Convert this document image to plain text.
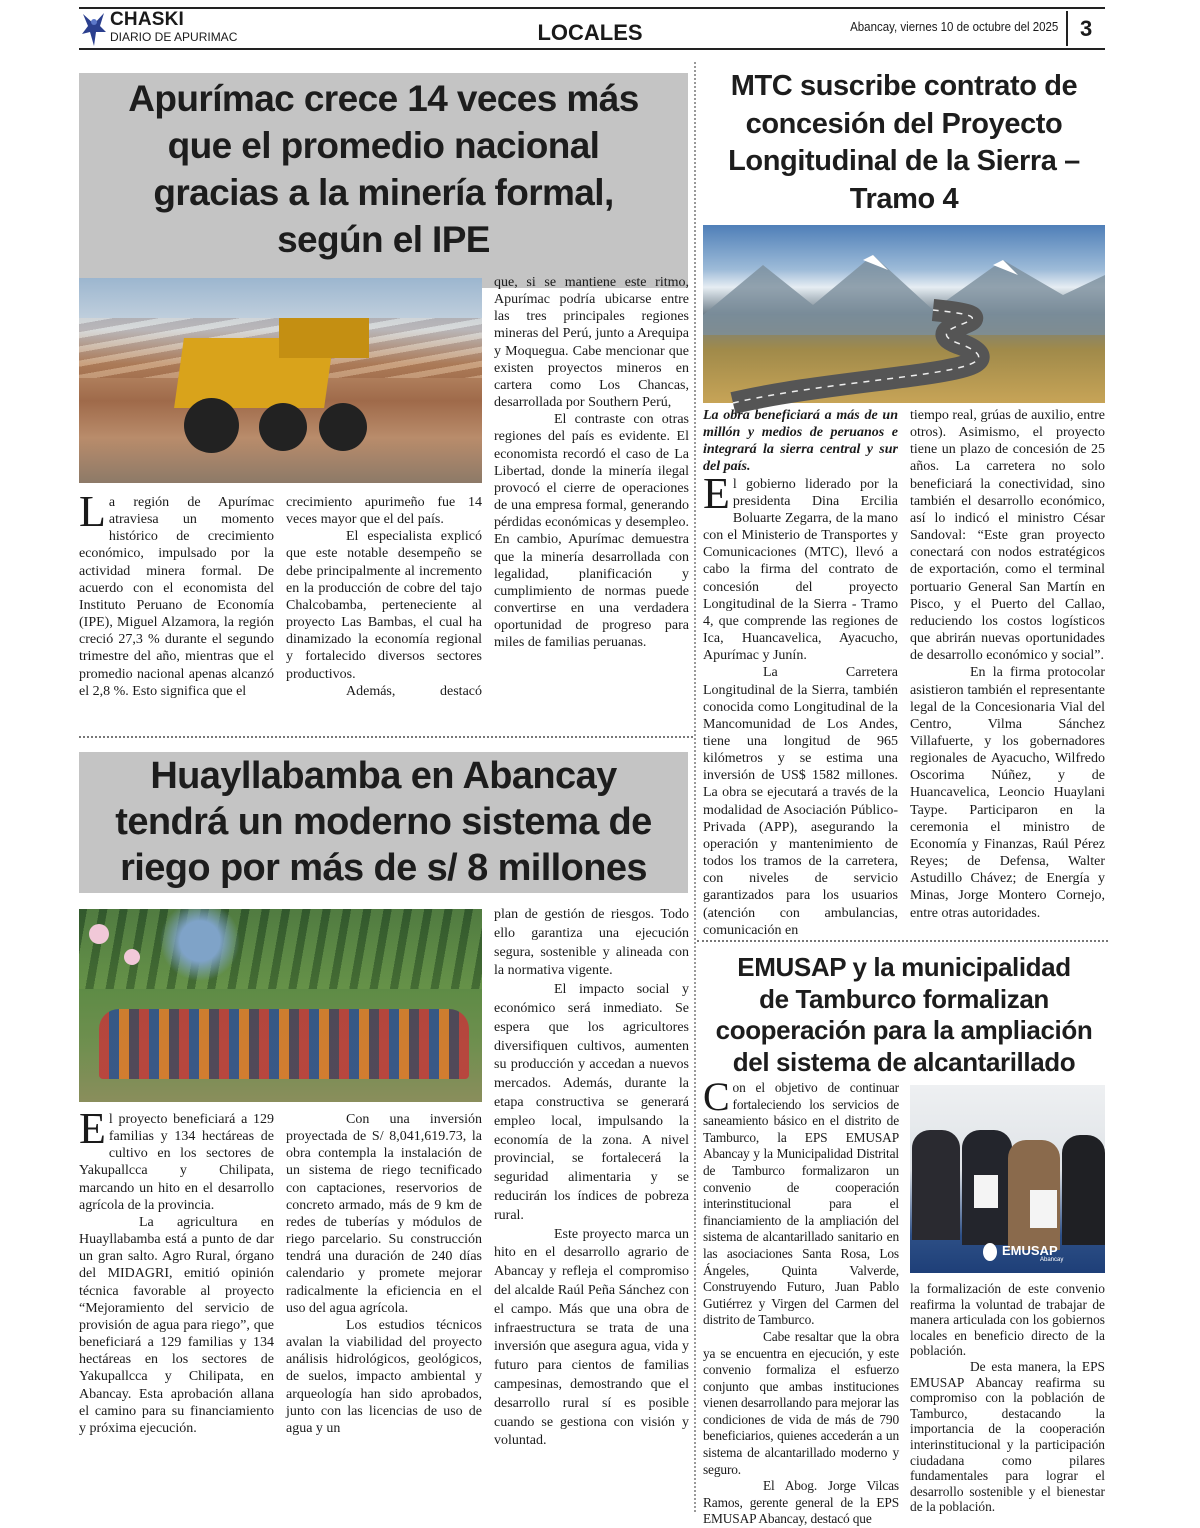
CHASKI
DIARIO DE APURIMAC	LOCALES	Abancay, viernes 10 de octubre del 2025 3
Apurímac crece 14 veces más
que el promedio nacional
gracias a la minería formal,
según el IPE

La región de Apurímac atraviesa un momento histórico de crecimiento económico, impulsado por la actividad minera formal. De acuerdo con el economista del Instituto Peruano de Economía (IPE), Miguel Alzamora, la región creció 27,3 % durante el segundo trimestre del año, mientras que el promedio nacional apenas alcanzó el 2,8 %. Esto significa que el

crecimiento apurimeño fue 14 veces mayor que el del país.

El especialista explicó que este notable desempeño se debe principalmente al incremento en la producción de cobre del tajo Chalcobamba, perteneciente al proyecto Las Bambas, el cual ha dinamizado la economía regional y fortalecido diversos sectores productivos.

Además, destacó

que, si se mantiene este ritmo, Apurímac podría ubicarse entre las tres principales regiones mineras del Perú, junto a Arequipa y Moquegua. Cabe mencionar que existen proyectos mineros en cartera como Los Chancas, desarrollada por Southern Perú,

El contraste con otras regiones del país es evidente. El economista recordó el caso de La Libertad, donde la minería ilegal provocó el cierre de operaciones de una empresa formal, generando pérdidas económicas y desempleo. En cambio, Apurímac demuestra que la minería desarrollada con legalidad, planificación y cumplimiento de normas puede convertirse en una verdadera oportunidad de progreso para miles de familias peruanas.

Huayllabamba en Abancay
tendrá un moderno sistema de
riego por más de s/ 8 millones

El proyecto beneficiará a 129 familias y 134 hectáreas de cultivo en los sectores de Yakupallcca y Chilipata, marcando un hito en el desarrollo agrícola de la provincia.

La agricultura en Huayllabamba está a punto de dar un gran salto. Agro Rural, órgano del MIDAGRI, emitió opinión técnica favorable al proyecto “Mejoramiento del servicio de provisión de agua para riego”, que beneficiará a 129 familias y 134 hectáreas en los sectores de Yakupallcca y Chilipata, en Abancay. Esta aprobación allana el camino para su financiamiento y próxima ejecución.

Con una inversión proyectada de S/ 8,041,619.73, la obra contempla la instalación de un sistema de riego tecnificado con captaciones, reservorios de concreto armado, más de 9 km de redes de tuberías y módulos de riego parcelario. Su construcción tendrá una duración de 240 días calendario y promete mejorar radicalmente la eficiencia en el uso del agua agrícola.

Los estudios técnicos avalan la viabilidad del proyecto análisis hidrológicos, geológicos, de suelos, impacto ambiental y arqueología han sido aprobados, junto con las licencias de uso de agua y un

plan de gestión de riesgos. Todo ello garantiza una ejecución segura, sostenible y alineada con la normativa vigente.

El impacto social y económico será inmediato. Se espera que los agricultores diversifiquen cultivos, aumenten su producción y accedan a nuevos mercados. Además, durante la etapa constructiva se generará empleo local, impulsando la economía de la zona. A nivel provincial, se fortalecerá la seguridad alimentaria y se reducirán los índices de pobreza rural.

Este proyecto marca un hito en el desarrollo agrario de Abancay y refleja el compromiso del alcalde Raúl Peña Sánchez con el campo. Más que una obra de infraestructura se trata de una inversión que asegura agua, vida y futuro para cientos de familias campesinas, demostrando que el desarrollo rural sí es posible cuando se gestiona con visión y voluntad.

MTC suscribe contrato de
concesión del Proyecto
Longitudinal de la Sierra –
Tramo 4

La obra beneficiará a más de un millón y medios de peruanos e integrará la sierra central y sur del país.

El gobierno liderado por la presidenta Dina Ercilia Boluarte Zegarra, de la mano con el Ministerio de Transportes y Comunicaciones (MTC), llevó a cabo la firma del contrato de concesión del proyecto Longitudinal de la Sierra - Tramo 4, que comprende las regiones de Ica, Huancavelica, Ayacucho, Apurímac y Junín.

La Carretera Longitudinal de la Sierra, también conocida como Longitudinal de la Mancomunidad de Los Andes, tiene una longitud de 965 kilómetros y se estima una inversión de US$ 1582 millones. La obra se ejecutará a través de la modalidad de Asociación Público-Privada (APP), asegurando la operación y mantenimiento de todos los tramos de la carretera, con niveles de servicio garantizados para los usuarios (atención con ambulancias, comunicación en

tiempo real, grúas de auxilio, entre otros). Asimismo, el proyecto tiene un plazo de concesión de 25 años. La carretera no solo beneficiará la conectividad, sino también el desarrollo económico, así lo indicó el ministro César Sandoval: “Este gran proyecto conectará con nodos estratégicos de exportación, como el terminal portuario General San Martín en Pisco, y el Puerto del Callao, reduciendo los costos logísticos que abrirán nuevas oportunidades de desarrollo económico y social”.

En la firma protocolar asistieron también el representante legal de la Concesionaria Vial del Centro, Vilma Sánchez Villafuerte, y los gobernadores regionales de Ayacucho, Wilfredo Oscorima Núñez, y de Huancavelica, Leoncio Huaylani Taype. Participaron en la ceremonia el ministro de Economía y Finanzas, Raúl Pérez Reyes; de Defensa, Walter Astudillo Chávez; de Energía y Minas, Jorge Montero Cornejo, entre otras autoridades.

EMUSAP y la municipalidad
de Tamburco formalizan
cooperación para la ampliación
del sistema de alcantarillado

Con el objetivo de continuar fortaleciendo los servicios de saneamiento básico en el distrito de Tamburco, la EPS EMUSAP Abancay y la Municipalidad Distrital de Tamburco formalizaron un convenio de cooperación interinstitucional para el financiamiento de la ampliación del sistema de alcantarillado sanitario en las asociaciones Santa Rosa, Los Ángeles, Quinta Valverde, Construyendo Futuro, Juan Pablo Gutiérrez y Virgen del Carmen del distrito de Tamburco.

Cabe resaltar que la obra ya se encuentra en ejecución, y este convenio formaliza el esfuerzo conjunto que ambas instituciones vienen desarrollando para mejorar las condiciones de vida de más de 790 beneficiarios, quienes accederán a un sistema de alcantarillado moderno y seguro.

El Abog. Jorge Vilcas Ramos, gerente general de la EPS EMUSAP Abancay, destacó que

EMUSAP
Abancay

la formalización de este convenio reafirma la voluntad de trabajar de manera articulada con los gobiernos locales en beneficio directo de la población.

De esta manera, la EPS EMUSAP Abancay reafirma su compromiso con la población de Tamburco, destacando la importancia de la cooperación interinstitucional y la participación ciudadana como pilares fundamentales para lograr el desarrollo sostenible y el bienestar de la población.
